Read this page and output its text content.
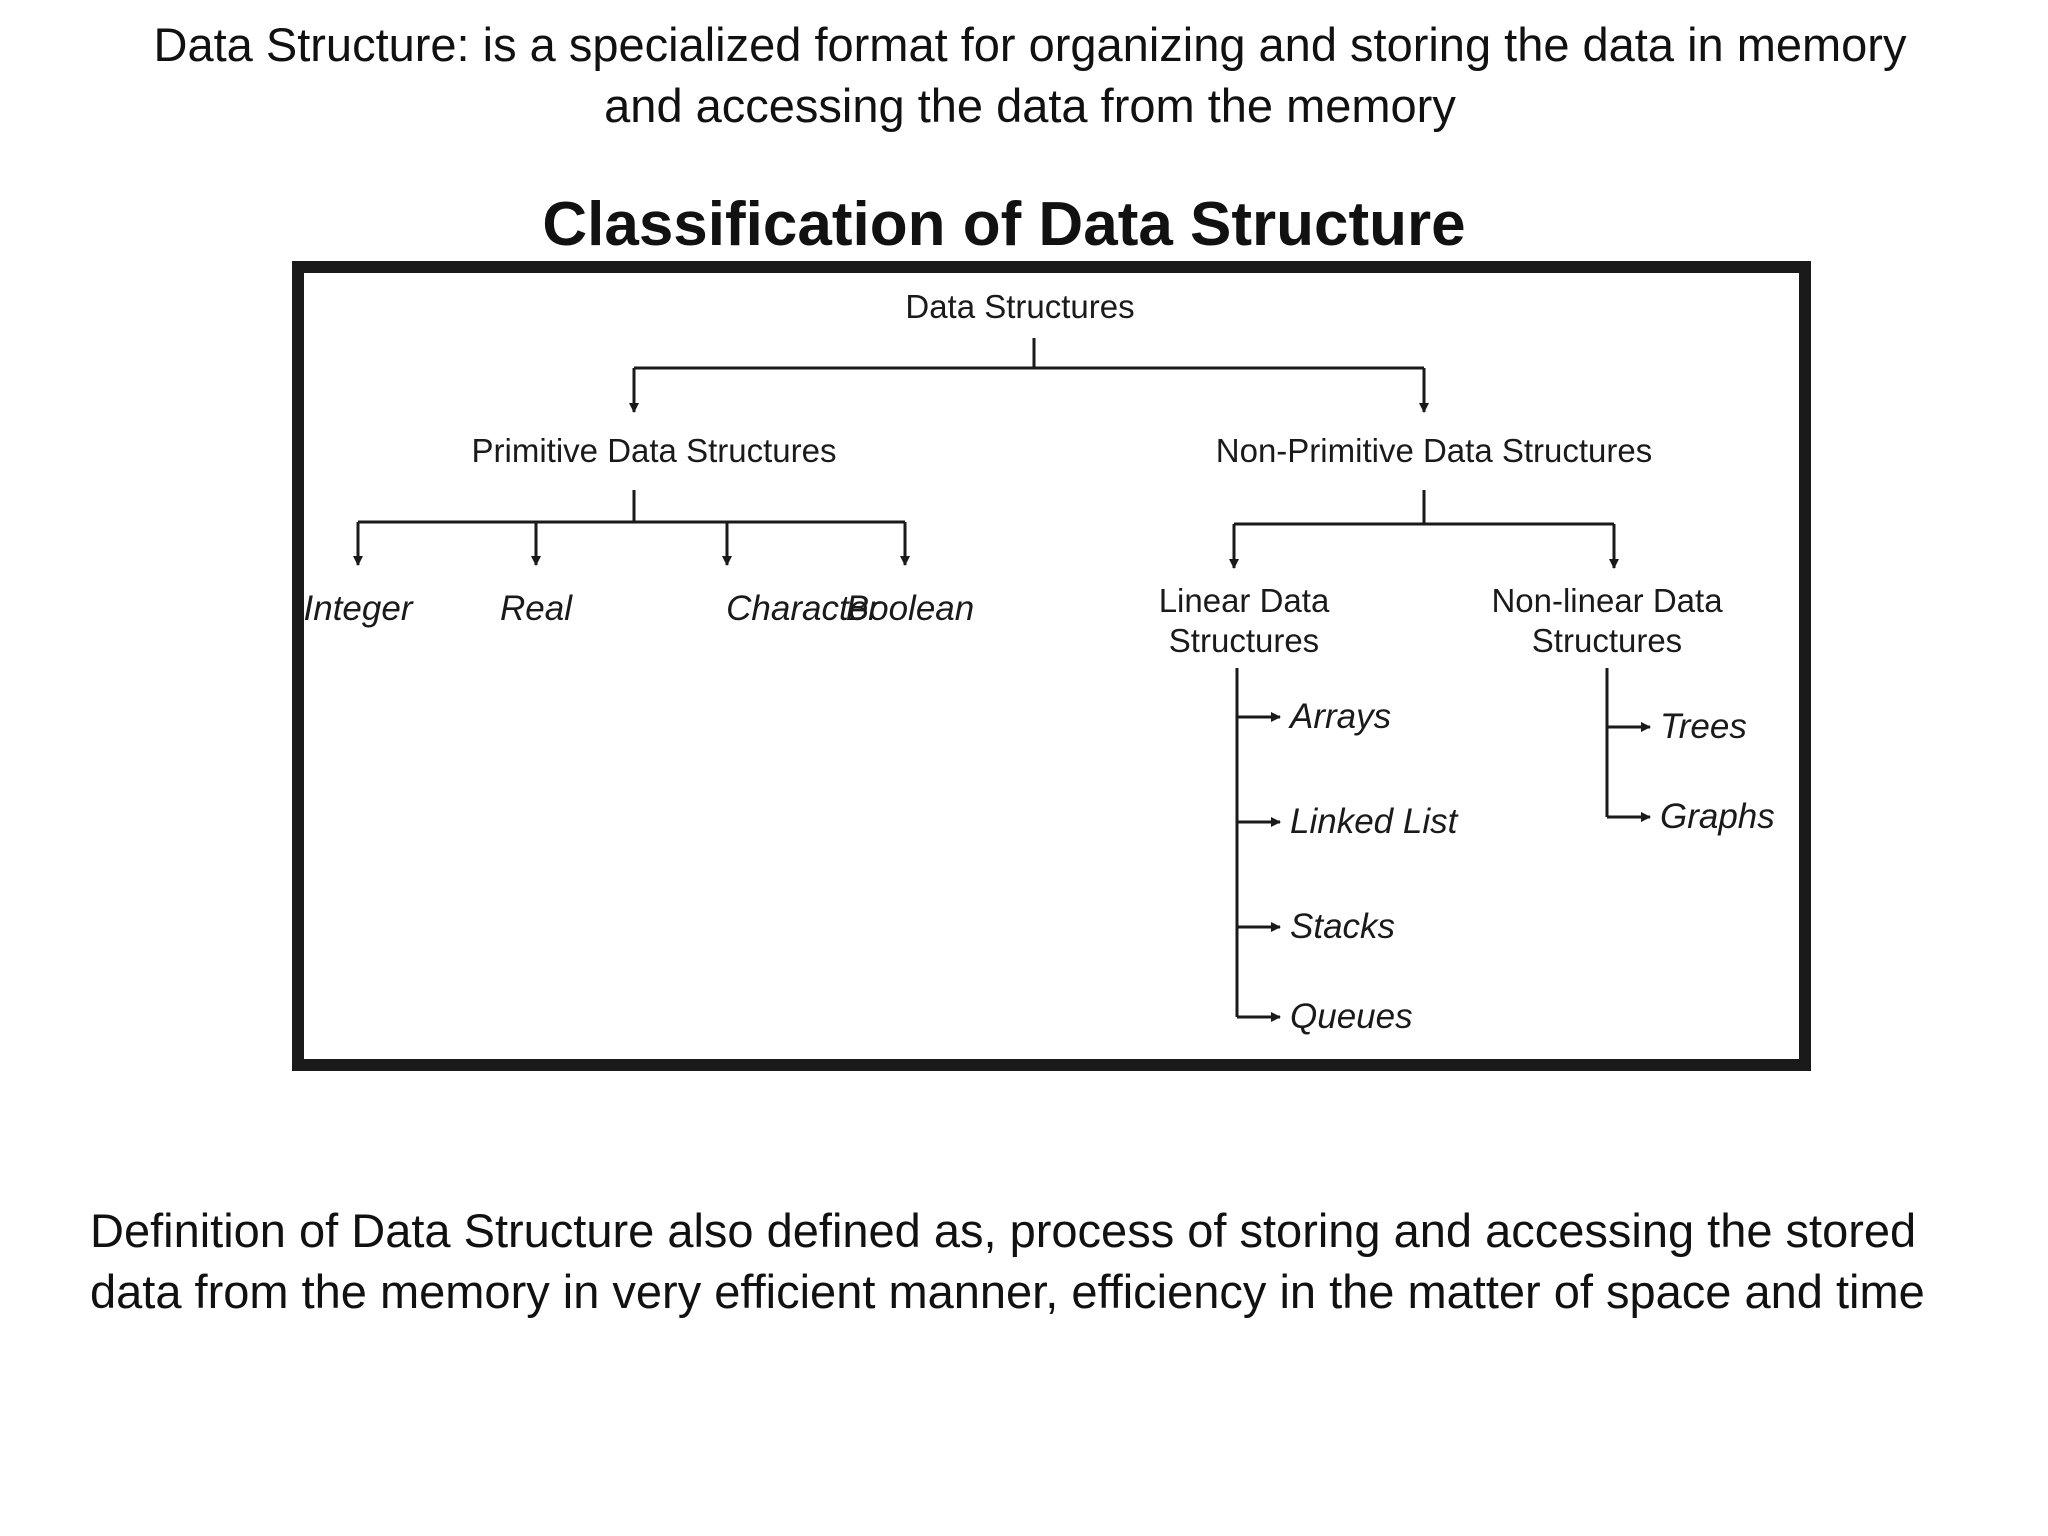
Data Structure: is a specialized format for organizing and storing the data in memory
and accessing the data from the memory
Classification of Data Structure
Data Structures
Primitive Data Structures
Integer	Real	Character
Boolean
Non-Primitive Data Structures
Linear Data
Structures
Arrays
Linked List
Stacks
Queues
Non-linear Data
Structures
Trees
Graphs
Definition of Data Structure also defined as, process of storing and accessing the stored data from the memory in very efficient manner, efficiency in the matter of space and time
